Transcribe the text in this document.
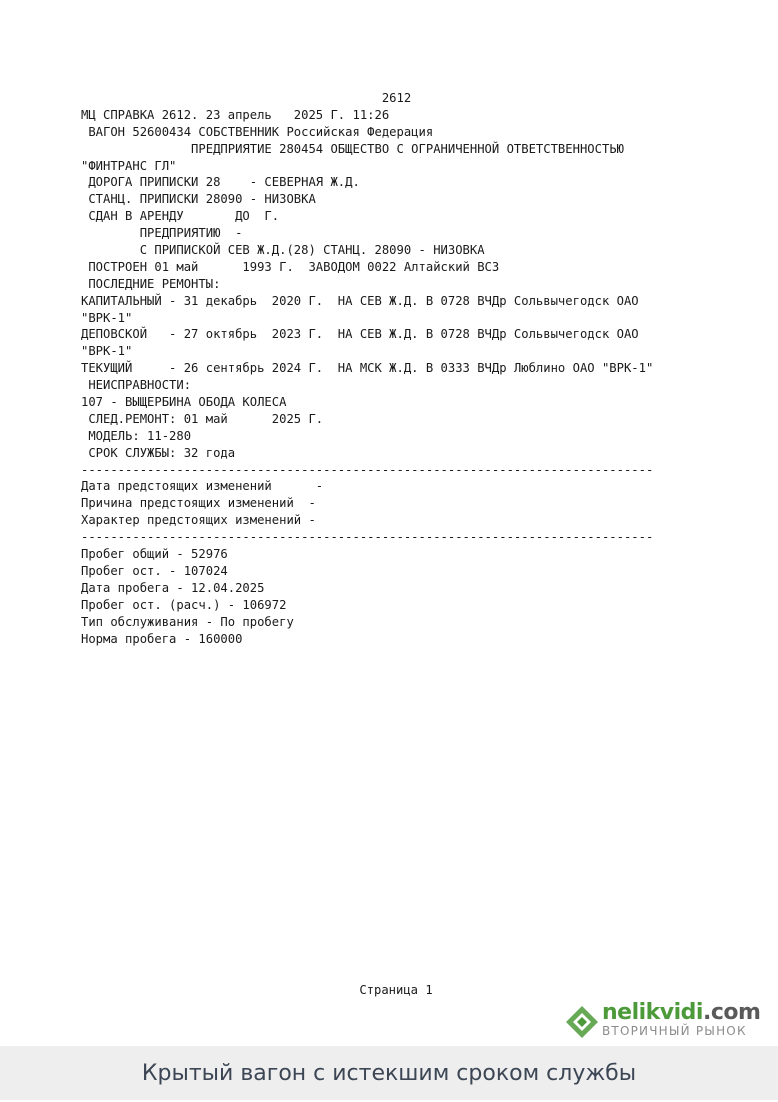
2612
МЦ СПРАВКА 2612. 23 апрель   2025 Г. 11:26
ВАГОН 52600434 СОБСТВЕННИК Российская Федерация
ПРЕДПРИЯТИЕ 280454 ОБЩЕСТВО С ОГРАНИЧЕННОЙ ОТВЕТСТВЕННОСТЬЮ
"ФИНТРАНС ГЛ"
ДОРОГА ПРИПИСКИ 28    - СЕВЕРНАЯ Ж.Д.
СТАНЦ. ПРИПИСКИ 28090 - НИЗОВКА
СДАН В АРЕНДУ       ДО  Г.
ПРЕДПРИЯТИЮ  -
С ПРИПИСКОЙ СЕВ Ж.Д.(28) СТАНЦ. 28090 - НИЗОВКА
ПОСТРОЕН 01 май      1993 Г.  ЗАВОДОМ 0022 Алтайский ВСЗ
ПОСЛЕДНИЕ РЕМОНТЫ:
КАПИТАЛЬНЫЙ - 31 декабрь  2020 Г.  НА СЕВ Ж.Д. В 0728 ВЧДр Сольвычегодск ОАО
"ВРК-1"
ДЕПОВСКОЙ   - 27 октябрь  2023 Г.  НА СЕВ Ж.Д. В 0728 ВЧДр Сольвычегодск ОАО
"ВРК-1"
ТЕКУЩИЙ     - 26 сентябрь 2024 Г.  НА МСК Ж.Д. В 0333 ВЧДр Люблино ОАО "ВРК-1"
НЕИСПРАВНОСТИ:
107 - ВЫЩЕРБИНА ОБОДА КОЛЕСА
СЛЕД.РЕМОНТ: 01 май      2025 Г.
МОДЕЛЬ: 11-280
СРОК СЛУЖБЫ: 32 года
------------------------------------------------------------------------------
Дата предстоящих изменений      -
Причина предстоящих изменений  -
Характер предстоящих изменений -
------------------------------------------------------------------------------
Пробег общий - 52976
Пробег ост. - 107024
Дата пробега - 12.04.2025
Пробег ост. (расч.) - 106972
Тип обслуживания - По пробегу
Норма пробега - 160000
Страница 1
nelikvidi.com
ВТОРИЧНЫЙ РЫНОК
Крытый вагон с истекшим сроком службы
